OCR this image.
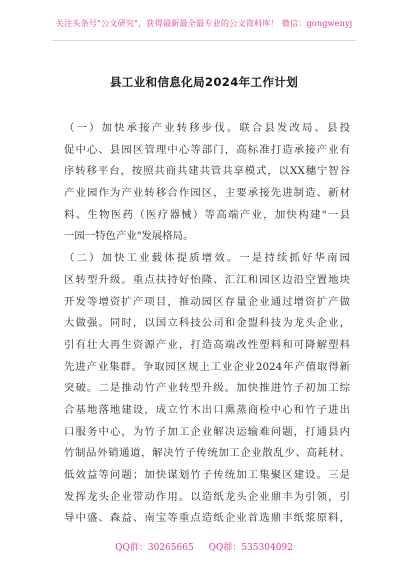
关注头条号"公文研究"，获得最新最全最专业的公文资料库！ 微信：gongwenyj
县工业和信息化局2024年工作计划
（一）加快承接产业转移步伐。联合县发改局、县投
促中心、县园区管理中心等部门，高标准打造承接产业有
序转移平台，按照共商共建共管共享模式，以XX穗宁智谷
产业园作为产业转移合作园区，主要承接先进制造、新材
料、生物医药（医疗器械）等高端产业，加快构建"一县
一园一特色产业"发展格局。
（二）加快工业载体提质增效。一是持续抓好华南园
区转型升级。重点扶持好怡隆、汇江和园区边沿空置地块
开发等增资扩产项目，推动园区存量企业通过增资扩产做
大做强。同时，以国立科技公司和金盟科技为龙头企业，
引有壮大再生资源产业，打造高端改性塑料和可降解塑料
先进产业集群。争取园区规上工业企业2024年产值取得新
突破。二是推动竹产业转型升级。加快推进竹子初加工综
合基地落地建设，成立竹木出口熏蒸商检中心和竹子进出
口服务中心，为竹子加工企业解决运输难问题，打通县内
竹制品外销通道，解决竹子传统加工企业散乱少、高耗材、
低效益等问题；加快谋划竹子传统加工集聚区建设。三是
发挥龙头企业带动作用。以造纸龙头企业鼎丰为引领，引
导中盛、森益、南宝等重点造纸企业首选鼎丰纸浆原料，
QQ群：30265665 QQ群：535304092
